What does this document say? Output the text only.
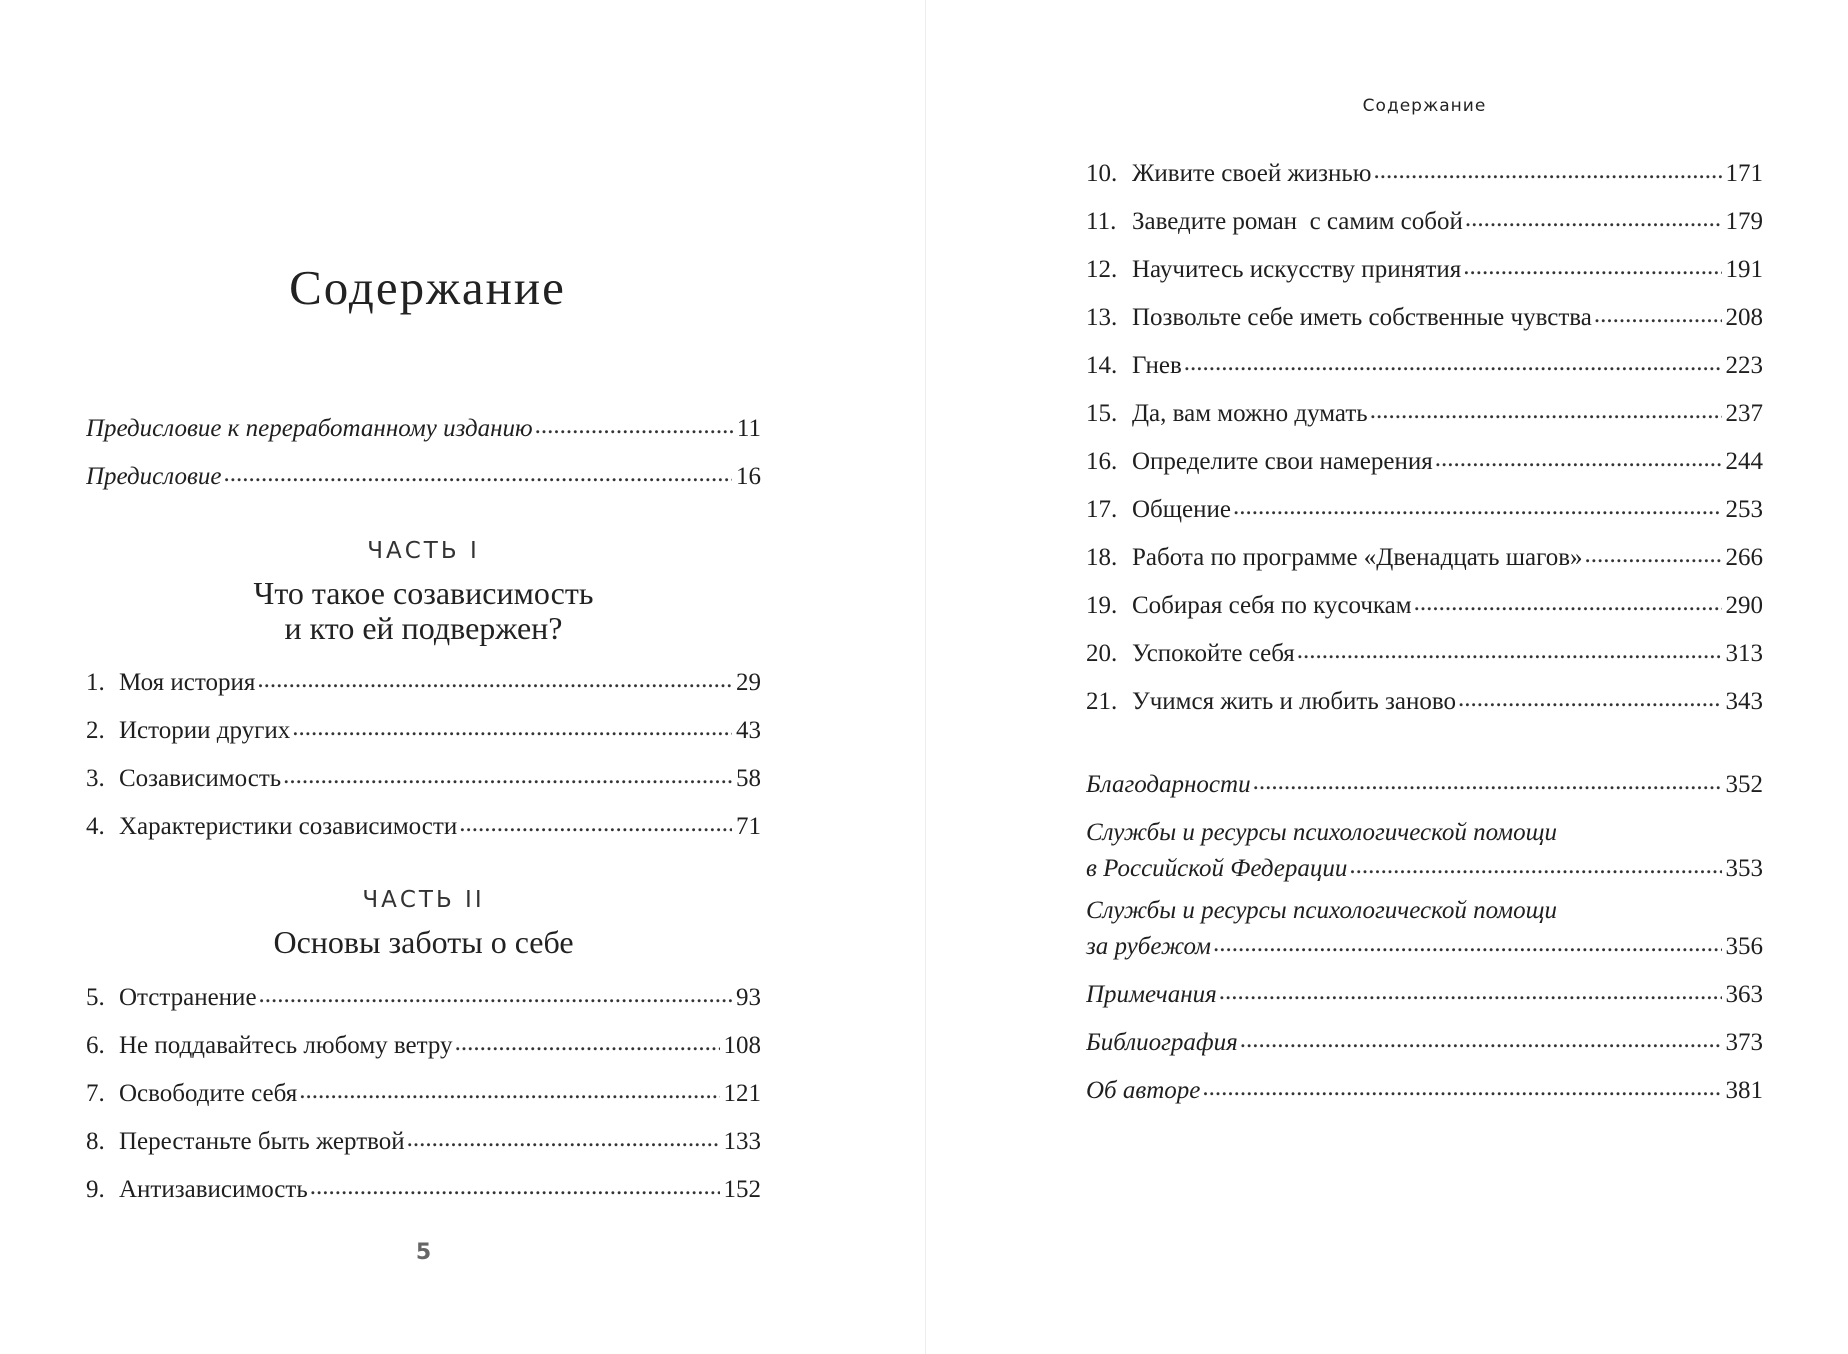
Содержание
Предисловие к переработанному изданию .....	11
Предисловие .....	16
ЧАСТЬ I
Что такое созависимость
и кто ей подвержен?
1. Моя история .....	29
2. Истории других .....	43
3. Созависимость .....	58
4. Характеристики созависимости .....	71
ЧАСТЬ II
Основы заботы о себе
5. Отстранение .....	93
6. Не поддавайтесь любому ветру .....	108
7. Освободите себя .....	121
8. Перестаньте быть жертвой .....	133
9. Антизависимость .....	152
5
Содержание
10. Живите своей жизнью .....	171
11. Заведите роман  с самим собой .....	179
12. Научитесь искусству принятия .....	191
13. Позвольте себе иметь собственные чувства .....	208
14. Гнев .....	223
15. Да, вам можно думать .....	237
16. Определите свои намерения .....	244
17. Общение .....	253
18. Работа по программе «Двенадцать шагов» .....	266
19. Собирая себя по кусочкам .....	290
20. Успокойте себя .....	313
21. Учимся жить и любить заново .....	343
Благодарности .....	352
Службы и ресурсы психологической помощи
в Российской Федерации .....	353
Службы и ресурсы психологической помощи
за рубежом .....	356
Примечания .....	363
Библиография .....	373
Об авторе .....	381
